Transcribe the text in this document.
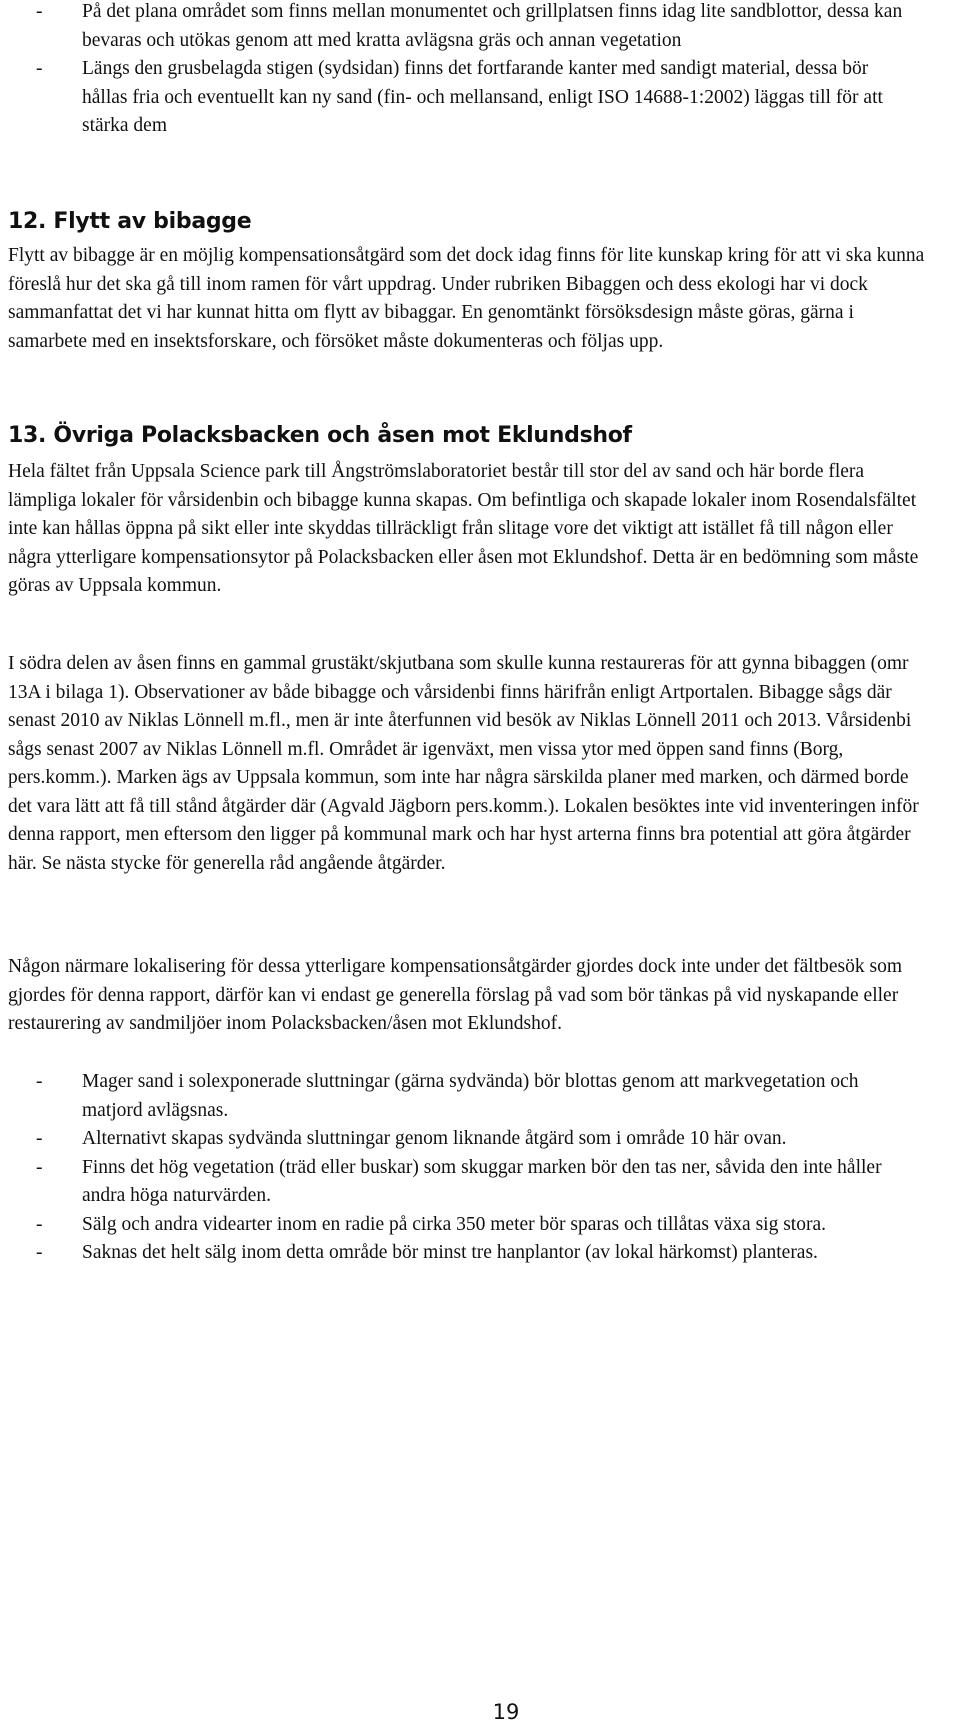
- På det plana området som finns mellan monumentet och grillplatsen finns idag lite sandblottor, dessa kan bevaras och utökas genom att med kratta avlägsna gräs och annan vegetation
- Längs den grusbelagda stigen (sydsidan) finns det fortfarande kanter med sandigt material, dessa bör hållas fria och eventuellt kan ny sand (fin- och mellansand, enligt ISO 14688-1:2002) läggas till för att stärka dem
12. Flytt av bibagge
Flytt av bibagge är en möjlig kompensationsåtgärd som det dock idag finns för lite kunskap kring för att vi ska kunna föreslå hur det ska gå till inom ramen för vårt uppdrag. Under rubriken Bibaggen och dess ekologi har vi dock sammanfattat det vi har kunnat hitta om flytt av bibaggar. En genomtänkt försöksdesign måste göras, gärna i samarbete med en insektsforskare, och försöket måste dokumenteras och följas upp.
13. Övriga Polacksbacken och åsen mot Eklundshof
Hela fältet från Uppsala Science park till Ångströmslaboratoriet består till stor del av sand och här borde flera lämpliga lokaler för vårsidenbin och bibagge kunna skapas. Om befintliga och skapade lokaler inom Rosendalsfältet inte kan hållas öppna på sikt eller inte skyddas tillräckligt från slitage vore det viktigt att istället få till någon eller några ytterligare kompensationsytor på Polacksbacken eller åsen mot Eklundshof. Detta är en bedömning som måste göras av Uppsala kommun.
I södra delen av åsen finns en gammal grustäkt/skjutbana som skulle kunna restaureras för att gynna bibaggen (omr 13A i bilaga 1). Observationer av både bibagge och vårsidenbi finns härifrån enligt Artportalen. Bibagge sågs där senast 2010 av Niklas Lönnell m.fl., men är inte återfunnen vid besök av Niklas Lönnell 2011 och 2013. Vårsidenbi sågs senast 2007 av Niklas Lönnell m.fl. Området är igenväxt, men vissa ytor med öppen sand finns (Borg, pers.komm.). Marken ägs av Uppsala kommun, som inte har några särskilda planer med marken, och därmed borde det vara lätt att få till stånd åtgärder där (Agvald Jägborn pers.komm.). Lokalen besöktes inte vid inventeringen inför denna rapport, men eftersom den ligger på kommunal mark och har hyst arterna finns bra potential att göra åtgärder här. Se nästa stycke för generella råd angående åtgärder.
Någon närmare lokalisering för dessa ytterligare kompensationsåtgärder gjordes dock inte under det fältbesök som gjordes för denna rapport, därför kan vi endast ge generella förslag på vad som bör tänkas på vid nyskapande eller restaurering av sandmiljöer inom Polacksbacken/åsen mot Eklundshof.
- Mager sand i solexponerade sluttningar (gärna sydvända) bör blottas genom att markvegetation och matjord avlägsnas.
- Alternativt skapas sydvända sluttningar genom liknande åtgärd som i område 10 här ovan.
- Finns det hög vegetation (träd eller buskar) som skuggar marken bör den tas ner, såvida den inte håller andra höga naturvärden.
- Sälg och andra videarter inom en radie på cirka 350 meter bör sparas och tillåtas växa sig stora.
- Saknas det helt sälg inom detta område bör minst tre hanplantor (av lokal härkomst) planteras.
19
